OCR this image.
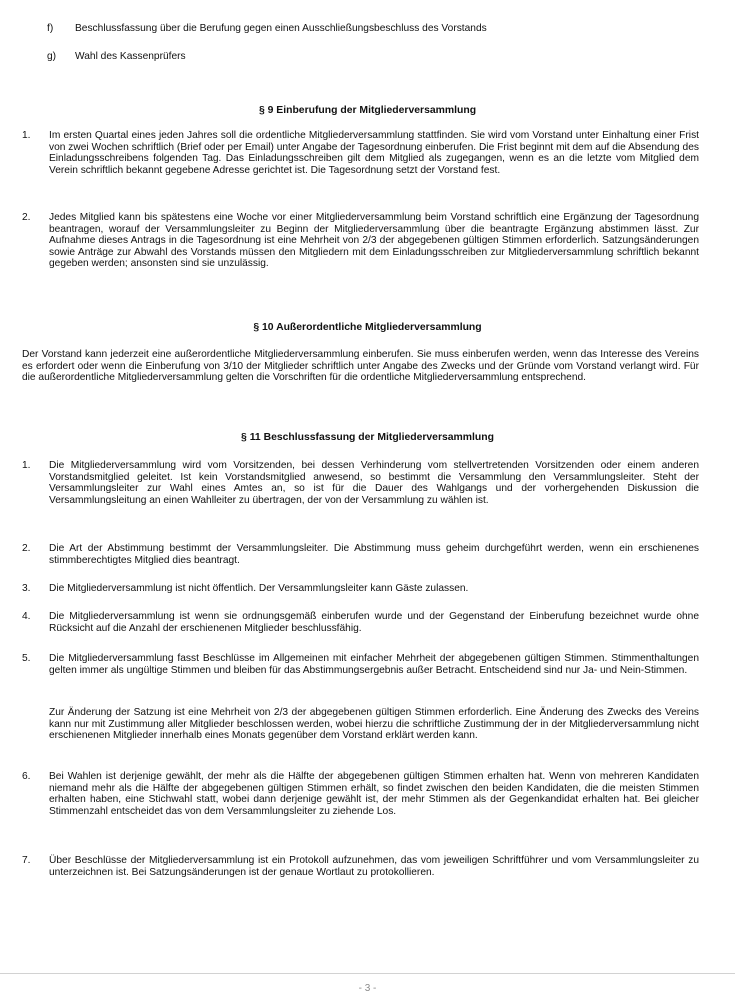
f) Beschlussfassung über die Berufung gegen einen Ausschließungsbeschluss des Vorstands
g) Wahl des Kassenprüfers
§ 9 Einberufung der Mitgliederversammlung
1. Im ersten Quartal eines jeden Jahres soll die ordentliche Mitgliederversammlung stattfinden. Sie wird vom Vorstand unter Einhaltung einer Frist von zwei Wochen schriftlich (Brief oder per Email) unter Angabe der Tagesordnung einberufen. Die Frist beginnt mit dem auf die Absendung des Einladungsschreibens folgenden Tag. Das Einladungsschreiben gilt dem Mitglied als zugegangen, wenn es an die letzte vom Mitglied dem Verein schriftlich bekannt gegebene Adresse gerichtet ist. Die Tagesordnung setzt der Vorstand fest.
2. Jedes Mitglied kann bis spätestens eine Woche vor einer Mitgliederversammlung beim Vorstand schriftlich eine Ergänzung der Tagesordnung beantragen, worauf der Versammlungsleiter zu Beginn der Mitgliederversammlung über die beantragte Ergänzung abstimmen lässt. Zur Aufnahme dieses Antrags in die Tagesordnung ist eine Mehrheit von 2/3 der abgegebenen gültigen Stimmen erforderlich. Satzungsänderungen sowie Anträge zur Abwahl des Vorstands müssen den Mitgliedern mit dem Einladungsschreiben zur Mitgliederversammlung schriftlich bekannt gegeben werden; ansonsten sind sie unzulässig.
§ 10 Außerordentliche Mitgliederversammlung
Der Vorstand kann jederzeit eine außerordentliche Mitgliederversammlung einberufen. Sie muss einberufen werden, wenn das Interesse des Vereins es erfordert oder wenn die Einberufung von 3/10 der Mitglieder schriftlich unter Angabe des Zwecks und der Gründe vom Vorstand verlangt wird. Für die außerordentliche Mitgliederversammlung gelten die Vorschriften für die ordentliche Mitgliederversammlung entsprechend.
§ 11 Beschlussfassung der Mitgliederversammlung
1. Die Mitgliederversammlung wird vom Vorsitzenden, bei dessen Verhinderung vom stellvertretenden Vorsitzenden oder einem anderen Vorstandsmitglied geleitet. Ist kein Vorstandsmitglied anwesend, so bestimmt die Versammlung den Versammlungsleiter. Steht der Versammlungsleiter zur Wahl eines Amtes an, so ist für die Dauer des Wahlgangs und der vorhergehenden Diskussion die Versammlungsleitung an einen Wahlleiter zu übertragen, der von der Versammlung zu wählen ist.
2. Die Art der Abstimmung bestimmt der Versammlungsleiter. Die Abstimmung muss geheim durchgeführt werden, wenn ein erschienenes stimmberechtigtes Mitglied dies beantragt.
3. Die Mitgliederversammlung ist nicht öffentlich. Der Versammlungsleiter kann Gäste zulassen.
4. Die Mitgliederversammlung ist wenn sie ordnungsgemäß einberufen wurde und der Gegenstand der Einberufung bezeichnet wurde ohne Rücksicht auf die Anzahl der erschienenen Mitglieder beschlussfähig.
5. Die Mitgliederversammlung fasst Beschlüsse im Allgemeinen mit einfacher Mehrheit der abgegebenen gültigen Stimmen. Stimmenthaltungen gelten immer als ungültige Stimmen und bleiben für das Abstimmungsergebnis außer Betracht. Entscheidend sind nur Ja- und Nein-Stimmen.
Zur Änderung der Satzung ist eine Mehrheit von 2/3 der abgegebenen gültigen Stimmen erforderlich. Eine Änderung des Zwecks des Vereins kann nur mit Zustimmung aller Mitglieder beschlossen werden, wobei hierzu die schriftliche Zustimmung der in der Mitgliederversammlung nicht erschienenen Mitglieder innerhalb eines Monats gegenüber dem Vorstand erklärt werden kann.
6. Bei Wahlen ist derjenige gewählt, der mehr als die Hälfte der abgegebenen gültigen Stimmen erhalten hat. Wenn von mehreren Kandidaten niemand mehr als die Hälfte der abgegebenen gültigen Stimmen erhält, so findet zwischen den beiden Kandidaten, die die meisten Stimmen erhalten haben, eine Stichwahl statt, wobei dann derjenige gewählt ist, der mehr Stimmen als der Gegenkandidat erhalten hat. Bei gleicher Stimmenzahl entscheidet das von dem Versammlungsleiter zu ziehende Los.
7. Über Beschlüsse der Mitgliederversammlung ist ein Protokoll aufzunehmen, das vom jeweiligen Schriftführer und vom Versammlungsleiter zu unterzeichnen ist. Bei Satzungsänderungen ist der genaue Wortlaut zu protokollieren.
- 3 -
